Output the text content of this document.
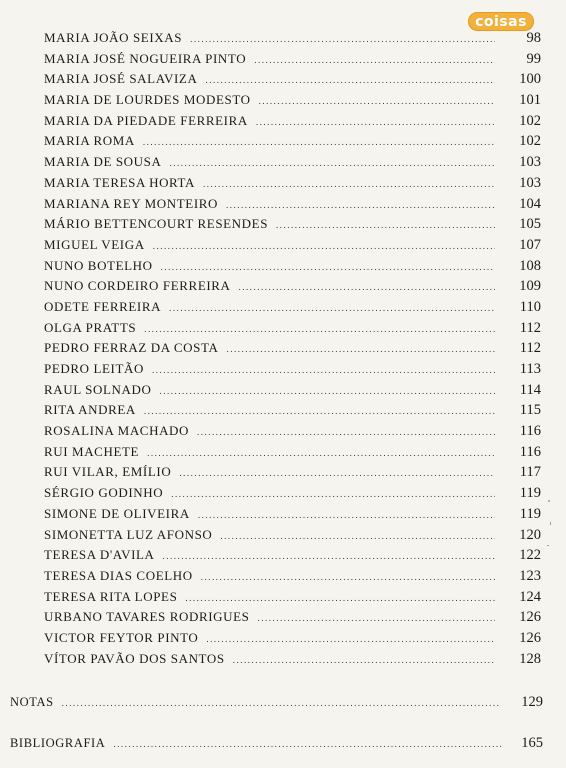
coisas
MARIA JOÃO SEIXAS .....	98
MARIA JOSÉ NOGUEIRA PINTO .....	99
MARIA JOSÉ SALAVIZA .....	100
MARIA DE LOURDES MODESTO .....	101
MARIA DA PIEDADE FERREIRA .....	102
MARIA ROMA .....	102
MARIA DE SOUSA .....	103
MARIA TERESA HORTA .....	103
MARIANA REY MONTEIRO .....	104
MÁRIO BETTENCOURT RESENDES .....	105
MIGUEL VEIGA .....	107
NUNO BOTELHO .....	108
NUNO CORDEIRO FERREIRA .....	109
ODETE FERREIRA .....	110
OLGA PRATTS .....	112
PEDRO FERRAZ DA COSTA .....	112
PEDRO LEITÃO .....	113
RAUL SOLNADO .....	114
RITA ANDREA .....	115
ROSALINA MACHADO .....	116
RUI MACHETE .....	116
RUI VILAR, EMÍLIO .....	117
SÉRGIO GODINHO .....	119
SIMONE DE OLIVEIRA .....	119
SIMONETTA LUZ AFONSO .....	120
TERESA D'AVILA .....	122
TERESA DIAS COELHO .....	123
TERESA RITA LOPES .....	124
URBANO TAVARES RODRIGUES .....	126
VICTOR FEYTOR PINTO .....	126
VÍTOR PAVÃO DOS SANTOS .....	128
NOTAS .....	129
BIBLIOGRAFIA .....	165
